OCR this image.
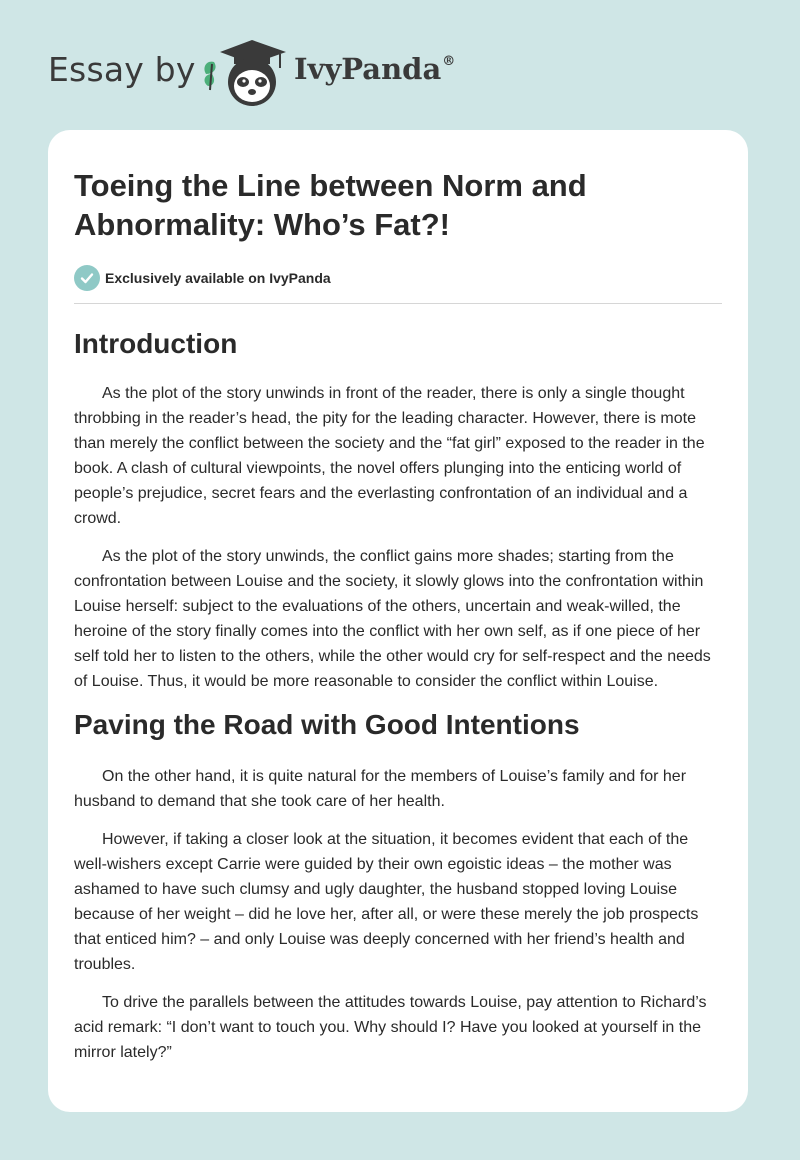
Essay by	IvyPanda®
Toeing the Line between Norm and Abnormality: Who’s Fat?!
Exclusively available on IvyPanda
Introduction

As the plot of the story unwinds in front of the reader, there is only a single thought throbbing in the reader’s head, the pity for the leading character. However, there is mote than merely the conflict between the society and the “fat girl” exposed to the reader in the book. A clash of cultural viewpoints, the novel offers plunging into the enticing world of people’s prejudice, secret fears and the everlasting confrontation of an individual and a crowd.

As the plot of the story unwinds, the conflict gains more shades; starting from the confrontation between Louise and the society, it slowly glows into the confrontation within Louise herself: subject to the evaluations of the others, uncertain and weak-willed, the heroine of the story finally comes into the conflict with her own self, as if one piece of her self told her to listen to the others, while the other would cry for self-respect and the needs of Louise. Thus, it would be more reasonable to consider the conflict within Louise.

Paving the Road with Good Intentions

On the other hand, it is quite natural for the members of Louise’s family and for her husband to demand that she took care of her health.

However, if taking a closer look at the situation, it becomes evident that each of the well-wishers except Carrie were guided by their own egoistic ideas – the mother was ashamed to have such clumsy and ugly daughter, the husband stopped loving Louise because of her weight – did he love her, after all, or were these merely the job prospects that enticed him? – and only Louise was deeply concerned with her friend’s health and troubles.

To drive the parallels between the attitudes towards Louise, pay attention to Richard’s acid remark: “I don’t want to touch you. Why should I? Have you looked at yourself in the mirror lately?”
